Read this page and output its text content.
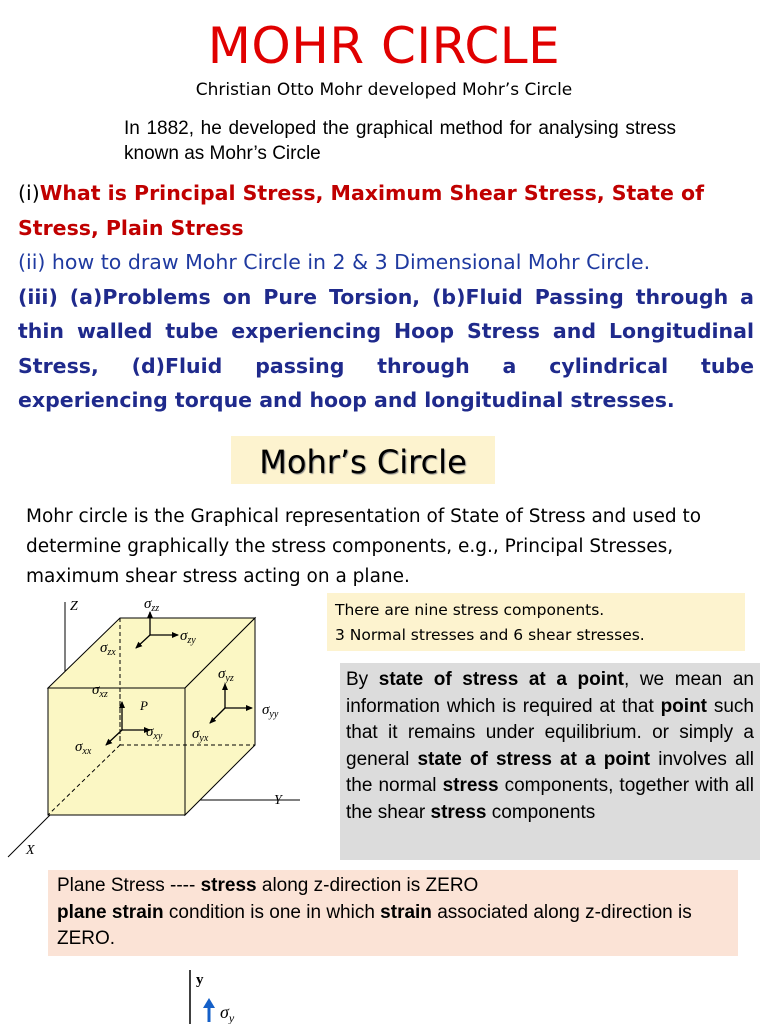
MOHR CIRCLE
Christian Otto Mohr developed Mohr’s Circle
In 1882, he developed the graphical method for analysing stress known as Mohr’s Circle
(i)What is Principal Stress, Maximum Shear Stress, State of Stress, Plain Stress
(ii) how to draw Mohr Circle in 2 & 3 Dimensional Mohr Circle.
(iii) (a)Problems on Pure Torsion, (b)Fluid Passing through a thin walled tube experiencing Hoop Stress and Longitudinal Stress, (d)Fluid passing through a cylindrical tube
experiencing torque and hoop and longitudinal stresses.
Mohr’s Circle
Mohr circle is the Graphical representation of State of Stress and used to determine graphically the stress components, e.g., Principal Stresses, maximum shear stress acting on a plane.
Z
Y
X
P
$\sigma_{zz}$
$\sigma_{zy}$
$\sigma_{zx}$
$\sigma_{xz}$
$\sigma_{xy}$
$\sigma_{xx}$
$\sigma_{yz}$
$\sigma_{yy}$
$\sigma_{yx}$
There are nine stress components.
3 Normal stresses and 6 shear stresses.
By state of stress at a point, we mean an information which is required at that point such that it remains under equilibrium. or simply a general state of stress at a point involves all the normal stress components, together with all the shear stress components
Plane Stress ---- stress along z-direction is ZERO
plane strain condition is one in which strain associated along z-direction is ZERO.
y
$\sigma_y$
